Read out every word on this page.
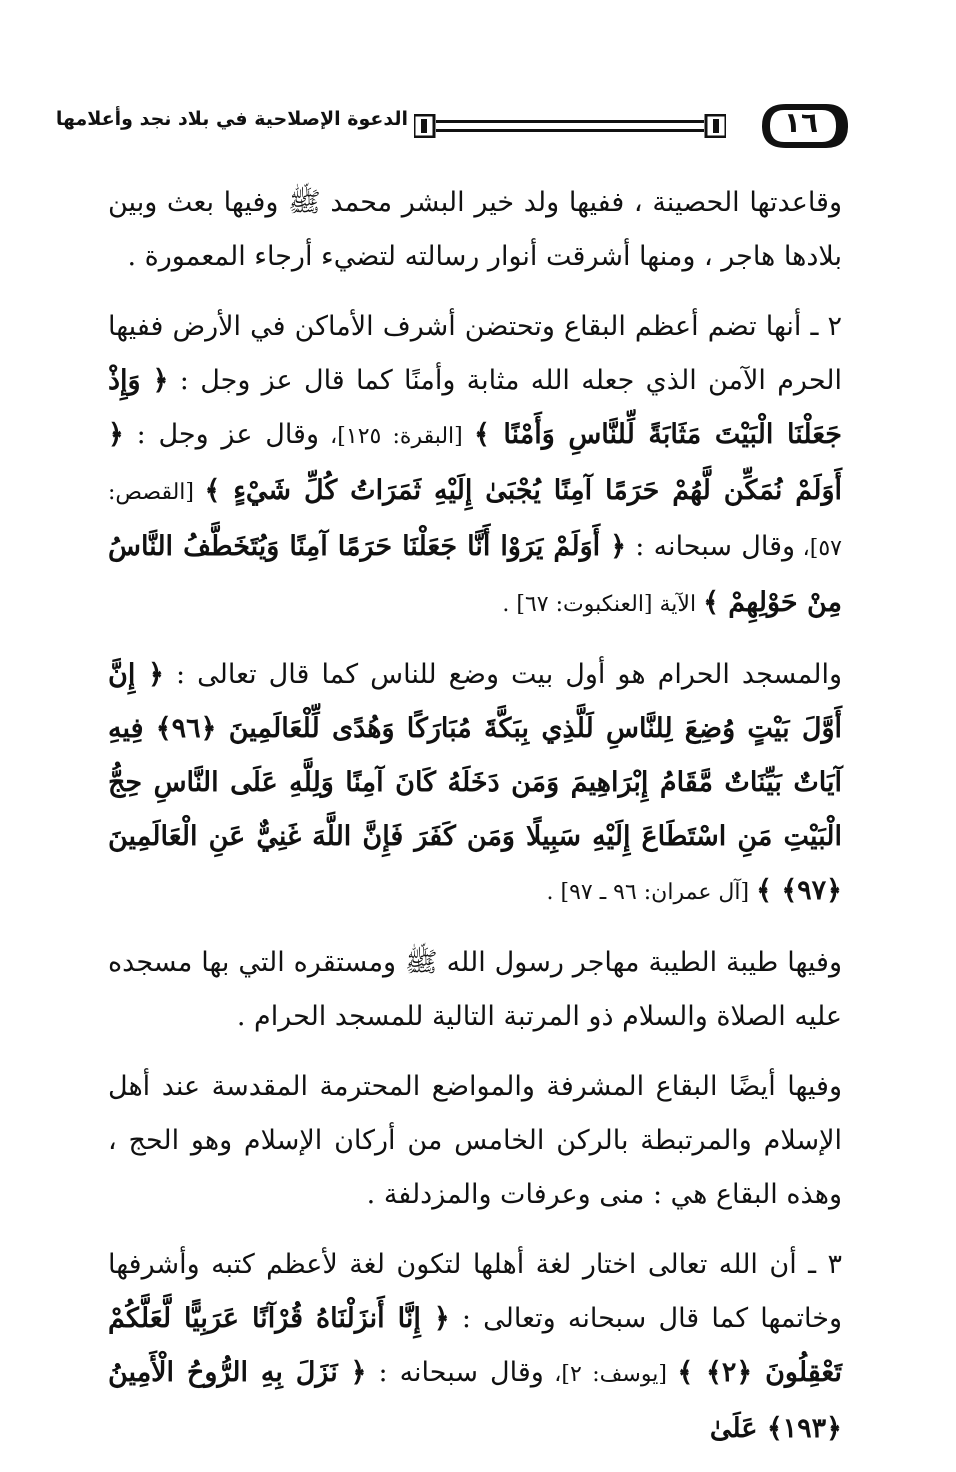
الدعوة الإصلاحية في بلاد نجد وأعلامها	١٦

وقاعدتها الحصينة ، ففيها ولد خير البشر محمد ﷺ وفيها بعث وبين بلادها هاجر ، ومنها أشرقت أنوار رسالته لتضيء أرجاء المعمورة .

٢ ـ أنها تضم أعظم البقاع وتحتضن أشرف الأماكن في الأرض ففيها الحرم الآمن الذي جعله الله مثابة وأمنًا كما قال عز وجل : ﴿ وَإِذْ جَعَلْنَا الْبَيْتَ مَثَابَةً لِّلنَّاسِ وَأَمْنًا ﴾ [البقرة: ١٢٥]، وقال عز وجل : ﴿ أَوَلَمْ نُمَكِّن لَّهُمْ حَرَمًا آمِنًا يُجْبَىٰ إِلَيْهِ ثَمَرَاتُ كُلِّ شَيْءٍ ﴾ [القصص: ٥٧]، وقال سبحانه : ﴿ أَوَلَمْ يَرَوْا أَنَّا جَعَلْنَا حَرَمًا آمِنًا وَيُتَخَطَّفُ النَّاسُ مِنْ حَوْلِهِمْ ﴾ الآية [العنكبوت: ٦٧] .

والمسجد الحرام هو أول بيت وضع للناس كما قال تعالى : ﴿ إِنَّ أَوَّلَ بَيْتٍ وُضِعَ لِلنَّاسِ لَلَّذِي بِبَكَّةَ مُبَارَكًا وَهُدًى لِّلْعَالَمِينَ ﴿٩٦﴾ فِيهِ آيَاتٌ بَيِّنَاتٌ مَّقَامُ إِبْرَاهِيمَ وَمَن دَخَلَهُ كَانَ آمِنًا وَلِلَّهِ عَلَى النَّاسِ حِجُّ الْبَيْتِ مَنِ اسْتَطَاعَ إِلَيْهِ سَبِيلًا وَمَن كَفَرَ فَإِنَّ اللَّهَ غَنِيٌّ عَنِ الْعَالَمِينَ ﴿٩٧﴾ ﴾ [آل عمران: ٩٦ ـ ٩٧] .

وفيها طيبة الطيبة مهاجر رسول الله ﷺ ومستقره التي بها مسجده عليه الصلاة والسلام ذو المرتبة التالية للمسجد الحرام .

وفيها أيضًا البقاع المشرفة والمواضع المحترمة المقدسة عند أهل الإسلام والمرتبطة بالركن الخامس من أركان الإسلام وهو الحج ، وهذه البقاع هي : منى وعرفات والمزدلفة .

٣ ـ أن الله تعالى اختار لغة أهلها لتكون لغة لأعظم كتبه وأشرفها وخاتمها كما قال سبحانه وتعالى : ﴿ إِنَّا أَنزَلْنَاهُ قُرْآنًا عَرَبِيًّا لَّعَلَّكُمْ تَعْقِلُونَ ﴿٢﴾ ﴾ [يوسف: ٢]، وقال سبحانه : ﴿ نَزَلَ بِهِ الرُّوحُ الْأَمِينُ ﴿١٩٣﴾ عَلَىٰ
